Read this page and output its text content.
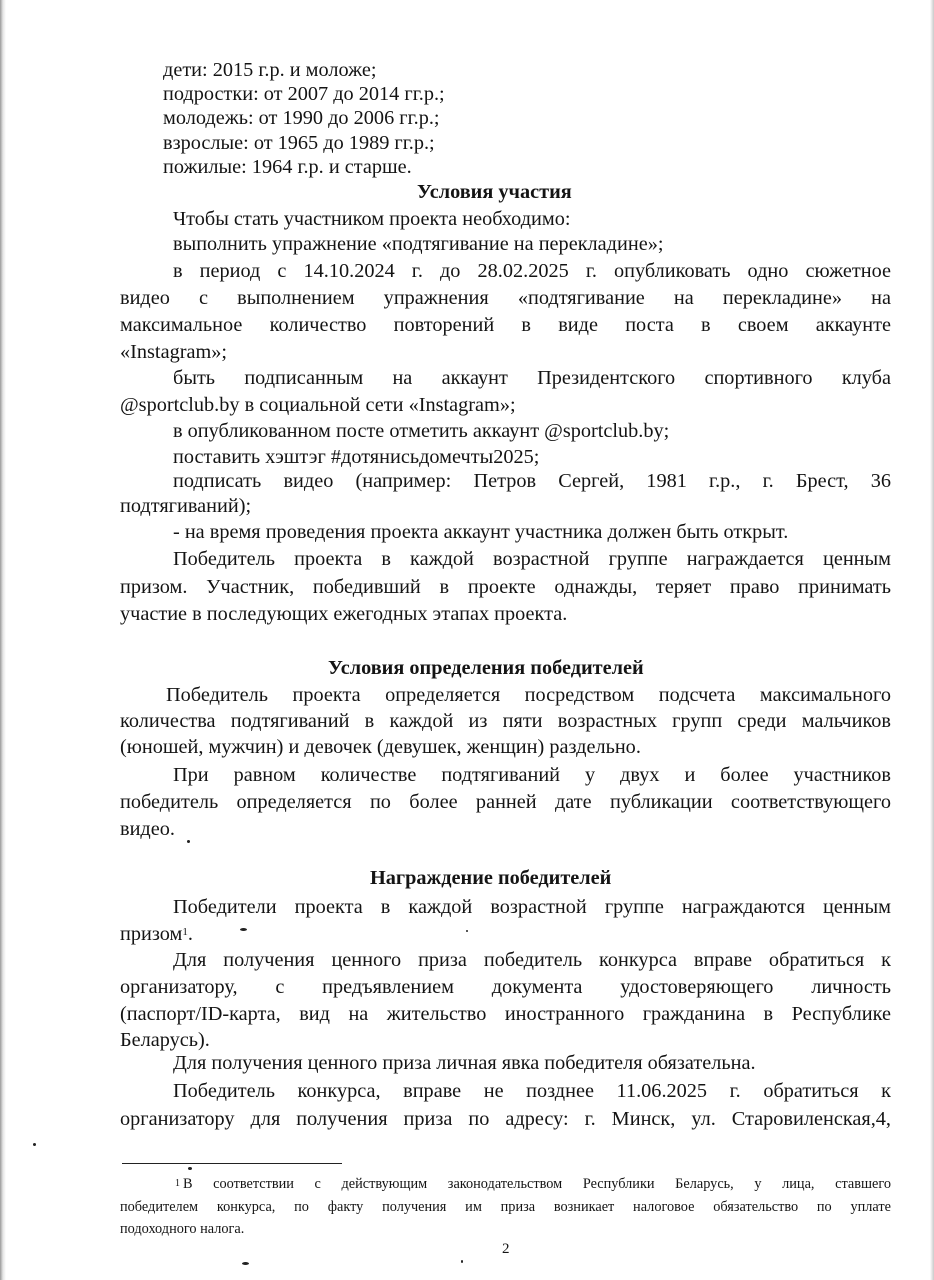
дети: 2015 г.р. и моложе;
подростки: от 2007 до 2014 гг.р.;
молодежь: от 1990 до 2006 гг.р.;
взрослые: от 1965 до 1989 гг.р.;
пожилые: 1964 г.р. и старше.
Условия участия
Чтобы стать участником проекта необходимо:
выполнить упражнение «подтягивание на перекладине»;
в период с 14.10.2024 г. до 28.02.2025 г. опубликовать одно сюжетное
видео с выполнением упражнения «подтягивание на перекладине» на
максимальное количество повторений в виде поста в своем аккаунте
«Instagram»;
быть подписанным на аккаунт Президентского спортивного клуба
@sportclub.by в социальной сети «Instagram»;
в опубликованном посте отметить аккаунт @sportclub.by;
поставить хэштэг #дотянисьдомечты2025;
подписать видео (например: Петров Сергей, 1981 г.р., г. Брест, 36
подтягиваний);
- на время проведения проекта аккаунт участника должен быть открыт.
Победитель проекта в каждой возрастной группе награждается ценным
призом. Участник, победивший в проекте однажды, теряет право принимать
участие в последующих ежегодных этапах проекта.
Условия определения победителей
Победитель проекта определяется посредством подсчета максимального
количества подтягиваний в каждой из пяти возрастных групп среди мальчиков
(юношей, мужчин) и девочек (девушек, женщин) раздельно.
При равном количестве подтягиваний у двух и более участников
победитель определяется по более ранней дате публикации соответствующего
видео.
Награждение победителей
Победители проекта в каждой возрастной группе награждаются ценным
призом$^1$.
Для получения ценного приза победитель конкурса вправе обратиться к
организатору, с предъявлением документа удостоверяющего личность
(паспорт/ID-карта, вид на жительство иностранного гражданина в Республике
Беларусь).
Для получения ценного приза личная явка победителя обязательна.
Победитель конкурса, вправе не позднее 11.06.2025 г. обратиться к
организатору для получения приза по адресу: г. Минск, ул. Старовиленская,4,
$^1$ В соответствии с действующим законодательством Республики Беларусь, у лица, ставшего
победителем конкурса, по факту получения им приза возникает налоговое обязательство по уплате
подоходного налога.
2
